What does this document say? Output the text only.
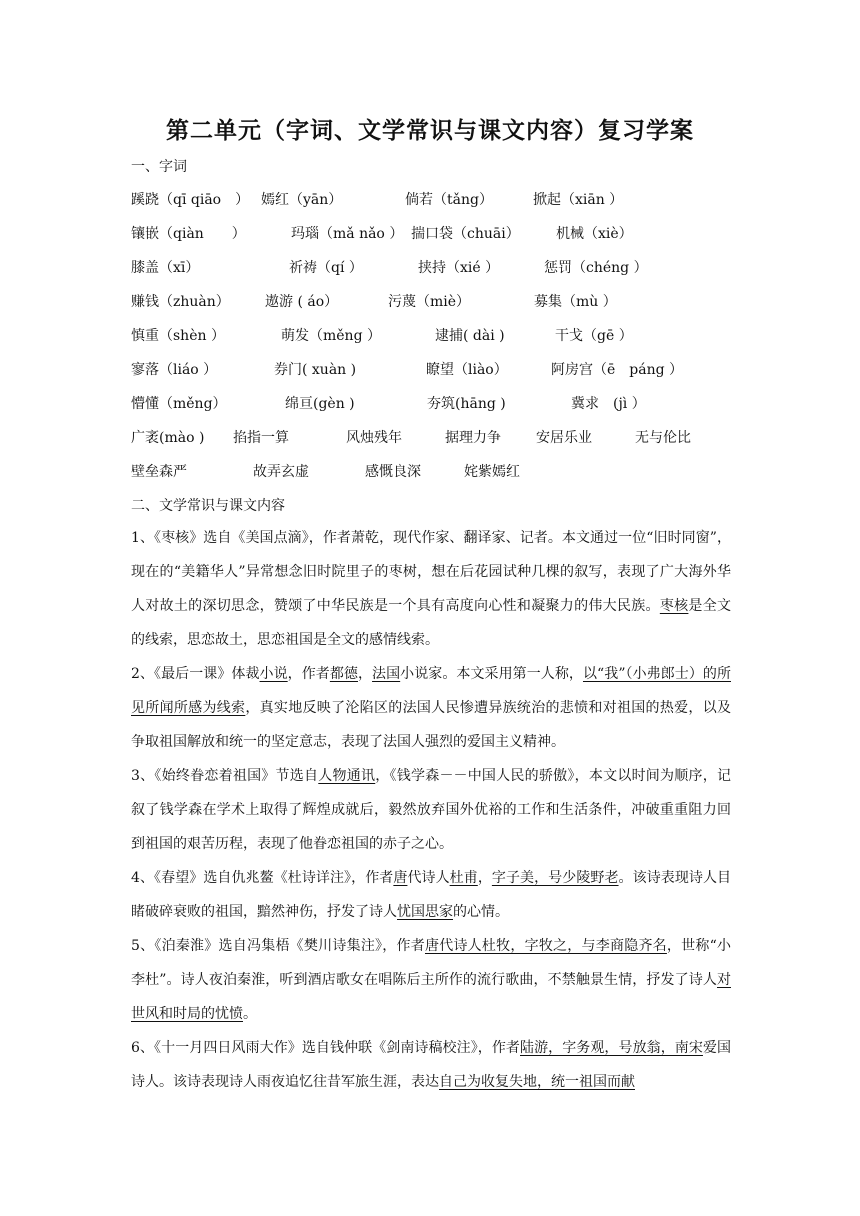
第二单元（字词、文学常识与课文内容）复习学案
一、字词
蹊跷（qī qiāo　） 嫣红（yān）	倘若（tǎng）	掀起（xiān ）
镶嵌（qiàn　　）	玛瑙（mǎ nǎo ） 揣口袋（chuāi）	机械（xiè）
膝盖（xī）	祈祷（qí ）	挟持（xié ）	惩罚（chéng ）
赚钱（zhuàn）	遨游 ( áo）	污蔑（miè）	募集（mù ）
慎重（shèn ）	萌发（měng ）	逮捕( dài )	干戈（gē ）
寥落（liáo ）	券门( xuàn )	瞭望（liào）	阿房宫（ē　páng ）
懵懂（měng）	绵亘(gèn )	夯筑(hāng )	冀求　(jì ）
广袤(mào ) 掐指一算	风烛残年	据理力争	安居乐业	无与伦比
壁垒森严	故弄玄虚	感慨良深	姹紫嫣红
二、文学常识与课文内容
1、《枣核》选自《美国点滴》，作者萧乾，现代作家、翻译家、记者。本文通过一位“旧时同窗”，现在的“美籍华人”异常想念旧时院里子的枣树，想在后花园试种几棵的叙写，表现了广大海外华人对故土的深切思念，赞颂了中华民族是一个具有高度向心性和凝聚力的伟大民族。枣核是全文的线索，思恋故土，思恋祖国是全文的感情线索。
2、《最后一课》体裁小说，作者都德，法国小说家。本文采用第一人称，以“我”（小弗郎士）的所见所闻所感为线索，真实地反映了沦陷区的法国人民惨遭异族统治的悲愤和对祖国的热爱，以及争取祖国解放和统一的坚定意志，表现了法国人强烈的爱国主义精神。
3、《始终眷恋着祖国》节选自人物通讯，《钱学森－－中国人民的骄傲》，本文以时间为顺序，记叙了钱学森在学术上取得了辉煌成就后，毅然放弃国外优裕的工作和生活条件，冲破重重阻力回到祖国的艰苦历程，表现了他眷恋祖国的赤子之心。
4、《春望》选自仇兆鳌《杜诗详注》，作者唐代诗人杜甫，字子美，号少陵野老。该诗表现诗人目睹破碎衰败的祖国，黯然神伤，抒发了诗人忧国思家的心情。
5、《泊秦淮》选自冯集梧《樊川诗集注》，作者唐代诗人杜牧，字牧之，与李商隐齐名，世称“小李杜”。诗人夜泊秦淮，听到酒店歌女在唱陈后主所作的流行歌曲，不禁触景生情，抒发了诗人对世风和时局的忧愤。
6、《十一月四日风雨大作》选自钱仲联《剑南诗稿校注》，作者陆游，字务观，号放翁，南宋爱国诗人。该诗表现诗人雨夜追忆往昔军旅生涯，表达自己为收复失地，统一祖国而献
